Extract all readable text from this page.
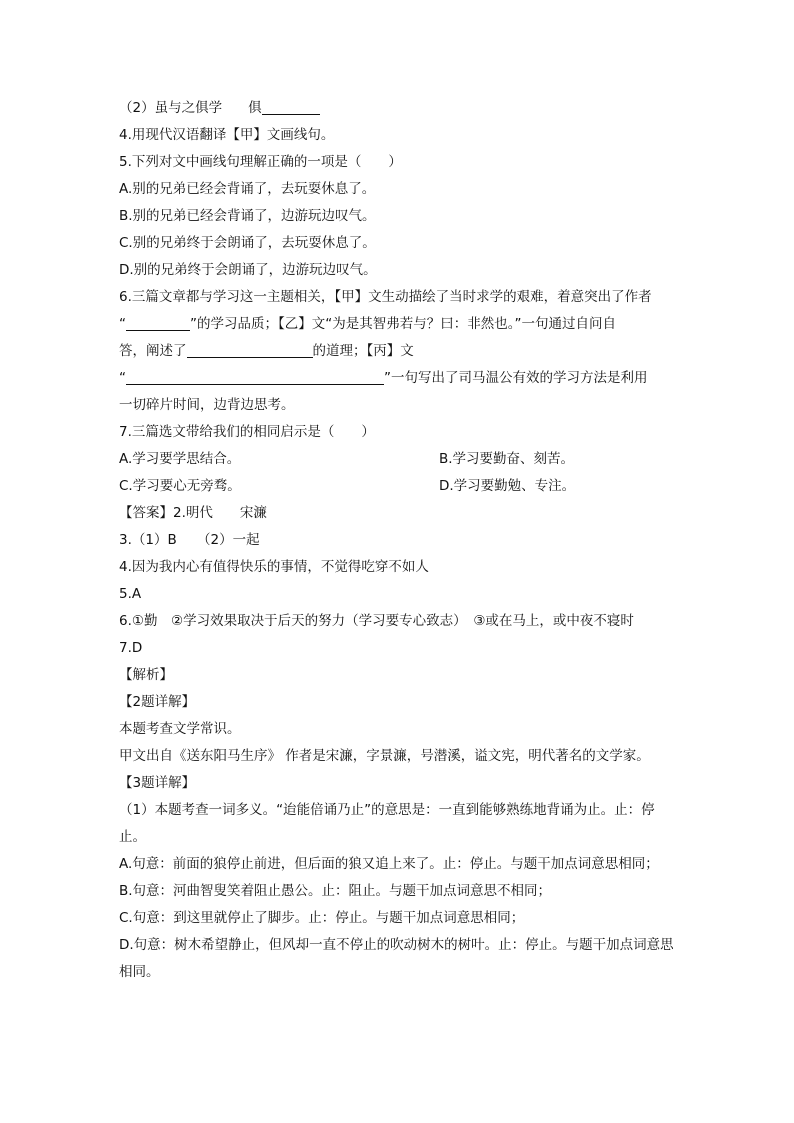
（2）虽与之俱学 俱
4.用现代汉语翻译【甲】文画线句。
5.下列对文中画线句理解正确的一项是（　　）
A.别的兄弟已经会背诵了，去玩耍休息了。
B.别的兄弟已经会背诵了，边游玩边叹气。
C.别的兄弟终于会朗诵了，去玩耍休息了。
D.别的兄弟终于会朗诵了，边游玩边叹气。
6.三篇文章都与学习这一主题相关，【甲】文生动描绘了当时求学的艰难，着意突出了作者
“	”的学习品质；【乙】文“为是其智弗若与？曰：非然也。”一句通过自问自
答，阐述了	的道理；【丙】文
“	”一句写出了司马温公有效的学习方法是利用
一切碎片时间，边背边思考。
7.三篇选文带给我们的相同启示是（　　）
A.学习要学思结合。	B.学习要勤奋、刻苦。
C.学习要心无旁骛。	D.学习要勤勉、专注。
【答案】2.明代　　宋濂
3.（1）B　　（2）一起
4.因为我内心有值得快乐的事情，不觉得吃穿不如人
5.A
6.①勤　②学习效果取决于后天的努力（学习要专心致志）　③或在马上，或中夜不寝时
7.D
【解析】
【2题详解】
本题考查文学常识。
甲文出自《送东阳马生序》 作者是宋濂，字景濂，号潜溪，谥文宪，明代著名的文学家。
【3题详解】
（1）本题考查一词多义。“迨能倍诵乃止”的意思是：一直到能够熟练地背诵为止。止：停止。
A.句意：前面的狼停止前进，但后面的狼又追上来了。止：停止。与题干加点词意思相同；
B.句意：河曲智叟笑着阻止愚公。止：阻止。与题干加点词意思不相同；
C.句意：到这里就停止了脚步。止：停止。与题干加点词意思相同；
D.句意：树木希望静止，但风却一直不停止的吹动树木的树叶。止：停止。与题干加点词意思相同。
